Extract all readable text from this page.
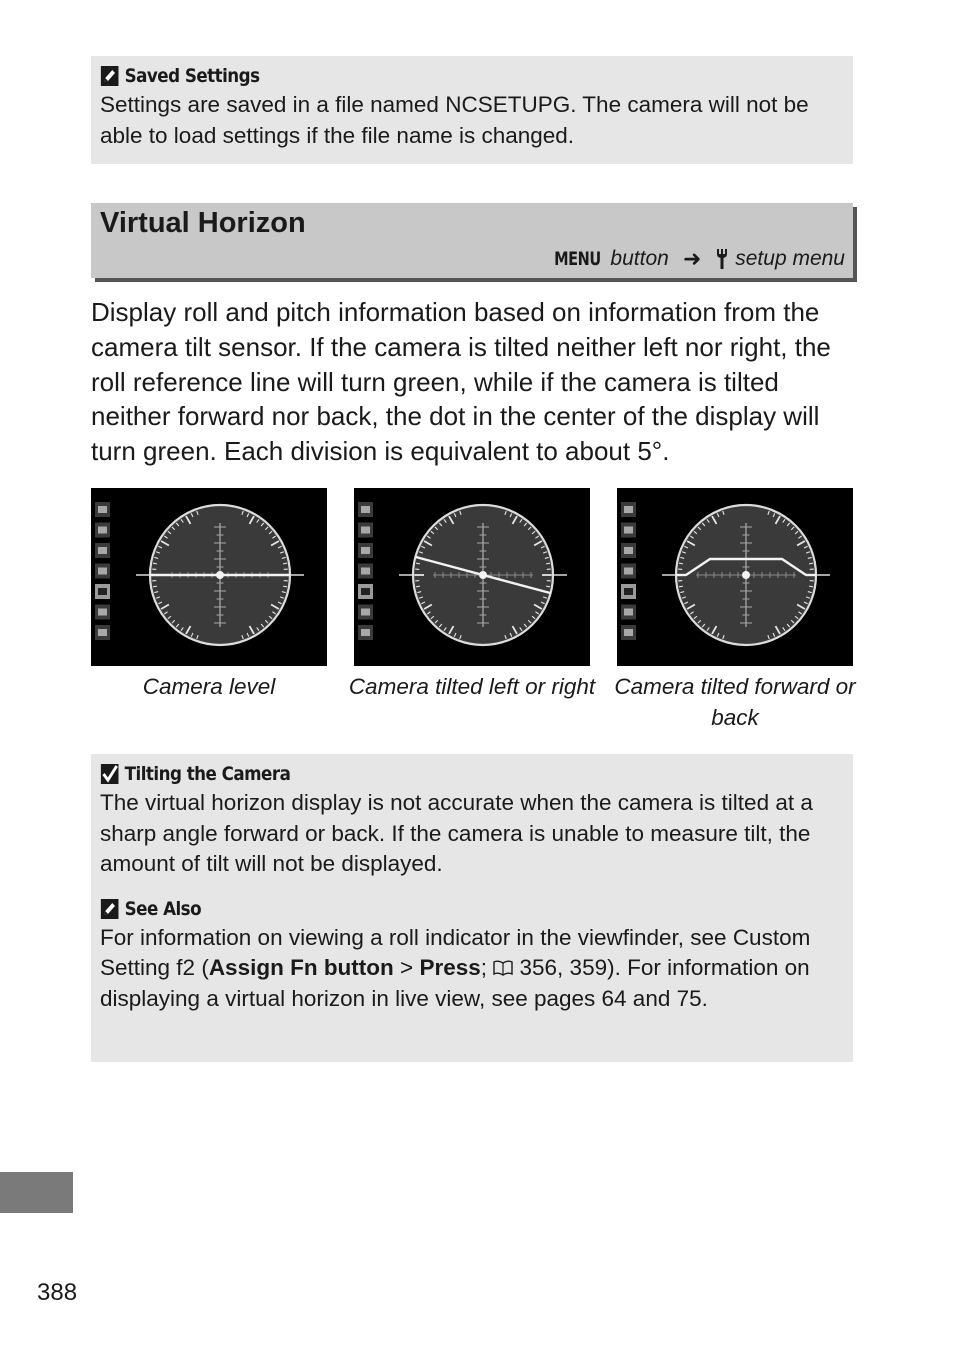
Saved Settings

Settings are saved in a file named NCSETUPG. The camera will not be able to load settings if the file name is changed.

Virtual Horizon
MENU button ➜ setup menu

Display roll and pitch information based on information from the camera tilt sensor. If the camera is tilted neither left nor right, the roll reference line will turn green, while if the camera is tilted neither forward nor back, the dot in the center of the display will turn green. Each division is equivalent to about 5°.

Camera level	Camera tilted left or right Camera tilted forward or back
Tilting the Camera

The virtual horizon display is not accurate when the camera is tilted at a sharp angle forward or back. If the camera is unable to measure tilt, the amount of tilt will not be displayed.

See Also

For information on viewing a roll indicator in the viewfinder, see Custom Setting f2 (Assign Fn button > Press;  356, 359). For information on displaying a virtual horizon in live view, see pages 64 and 75.

388
